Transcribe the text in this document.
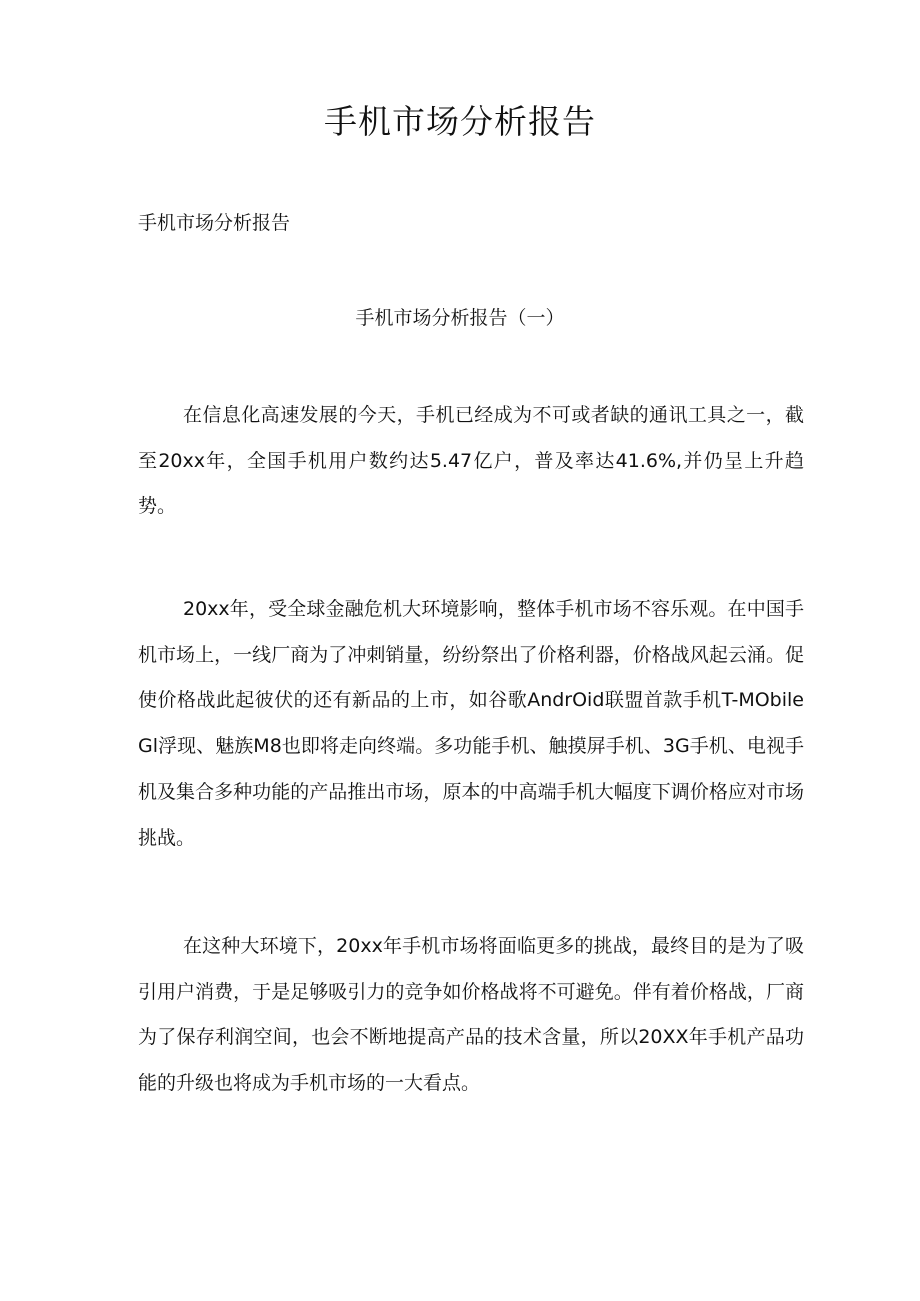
手机市场分析报告

手机市场分析报告

手机市场分析报告（一）

在信息化高速发展的今天，手机已经成为不可或者缺的通讯工具之一，截至20xx年，全国手机用户数约达5.47亿户，普及率达41.6%,并仍呈上升趋势。

20xx年，受全球金融危机大环境影响，整体手机市场不容乐观。在中国手机市场上，一线厂商为了冲刺销量，纷纷祭出了价格利器，价格战风起云涌。促使价格战此起彼伏的还有新品的上市，如谷歌AndrOid联盟首款手机T-MObileGl浮现、魅族M8也即将走向终端。多功能手机、触摸屏手机、3G手机、电视手机及集合多种功能的产品推出市场，原本的中高端手机大幅度下调价格应对市场挑战。

在这种大环境下，20xx年手机市场将面临更多的挑战，最终目的是为了吸引用户消费，于是足够吸引力的竞争如价格战将不可避免。伴有着价格战，厂商为了保存利润空间，也会不断地提高产品的技术含量，所以20XX年手机产品功能的升级也将成为手机市场的一大看点。
